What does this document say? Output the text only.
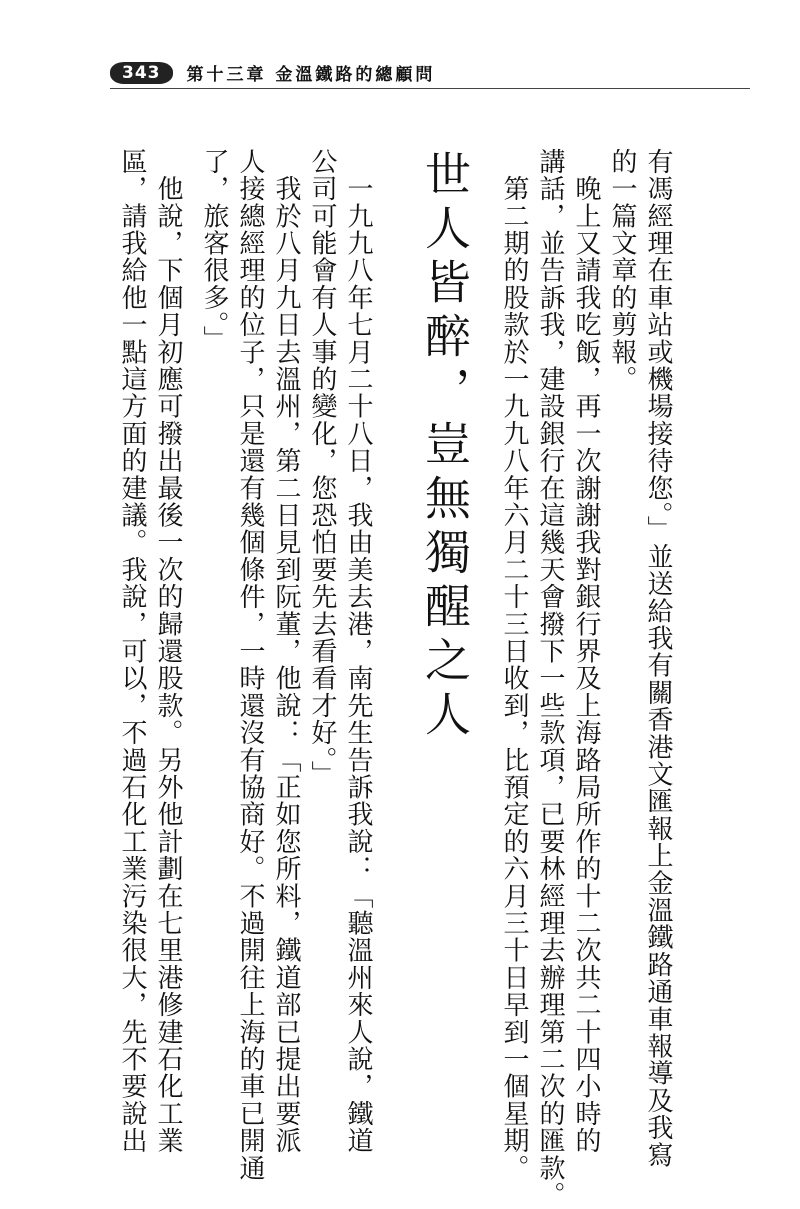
343	第十三章 金溫鐵路的總顧問
有馮經理在車站或機場接待您。」並送給我有關香港文匯報上金溫鐵路通車報導及我寫
的一篇文章的剪報。
　晚上又請我吃飯，再一次謝謝我對銀行界及上海路局所作的十二次共二十四小時的
講話，並告訴我，建設銀行在這幾天會撥下一些款項，已要林經理去辦理第二次的匯款。
　第二期的股款於一九九八年六月二十三日收到，比預定的六月三十日早到一個星期。
世人皆醉，豈無獨醒之人
　一九九八年七月二十八日，我由美去港，南先生告訴我說：「聽溫州來人說，鐵道
公司可能會有人事的變化，您恐怕要先去看看才好。」
　我於八月九日去溫州，第二日見到阮董，他說：「正如您所料，鐵道部已提出要派
人接總經理的位子，只是還有幾個條件，一時還沒有協商好。不過開往上海的車已開通
了，旅客很多。」
　他說，下個月初應可撥出最後一次的歸還股款。另外他計劃在七里港修建石化工業
區，請我給他一點這方面的建議。我說，可以，不過石化工業污染很大，先不要說出
